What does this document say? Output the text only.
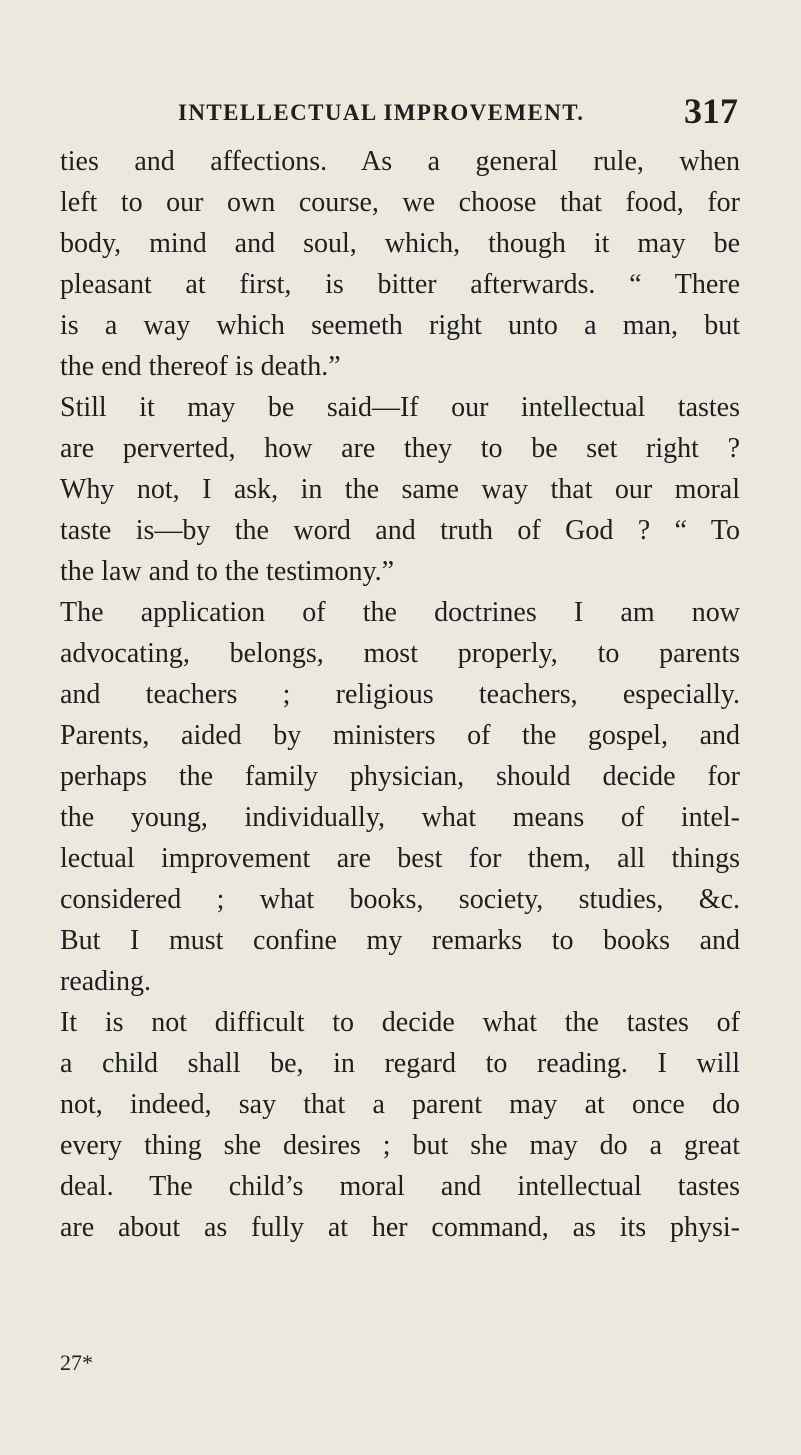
INTELLECTUAL IMPROVEMENT.	317
ties and affections. As a general rule, when
left to our own course, we choose that food, for
body, mind and soul, which, though it may be
pleasant at first, is bitter afterwards. “ There
is a way which seemeth right unto a man, but
the end thereof is death.”
Still it may be said—If our intellectual tastes
are perverted, how are they to be set right ?
Why not, I ask, in the same way that our moral
taste is—by the word and truth of God ? “ To
the law and to the testimony.”
The application of the doctrines I am now
advocating, belongs, most properly, to parents
and teachers ; religious teachers, especially.
Parents, aided by ministers of the gospel, and
perhaps the family physician, should decide for
the young, individually, what means of intel-
lectual improvement are best for them, all things
considered ; what books, society, studies, &c.
But I must confine my remarks to books and
reading.
It is not difficult to decide what the tastes of
a child shall be, in regard to reading. I will
not, indeed, say that a parent may at once do
every thing she desires ; but she may do a great
deal. The child’s moral and intellectual tastes
are about as fully at her command, as its physi-
27*
